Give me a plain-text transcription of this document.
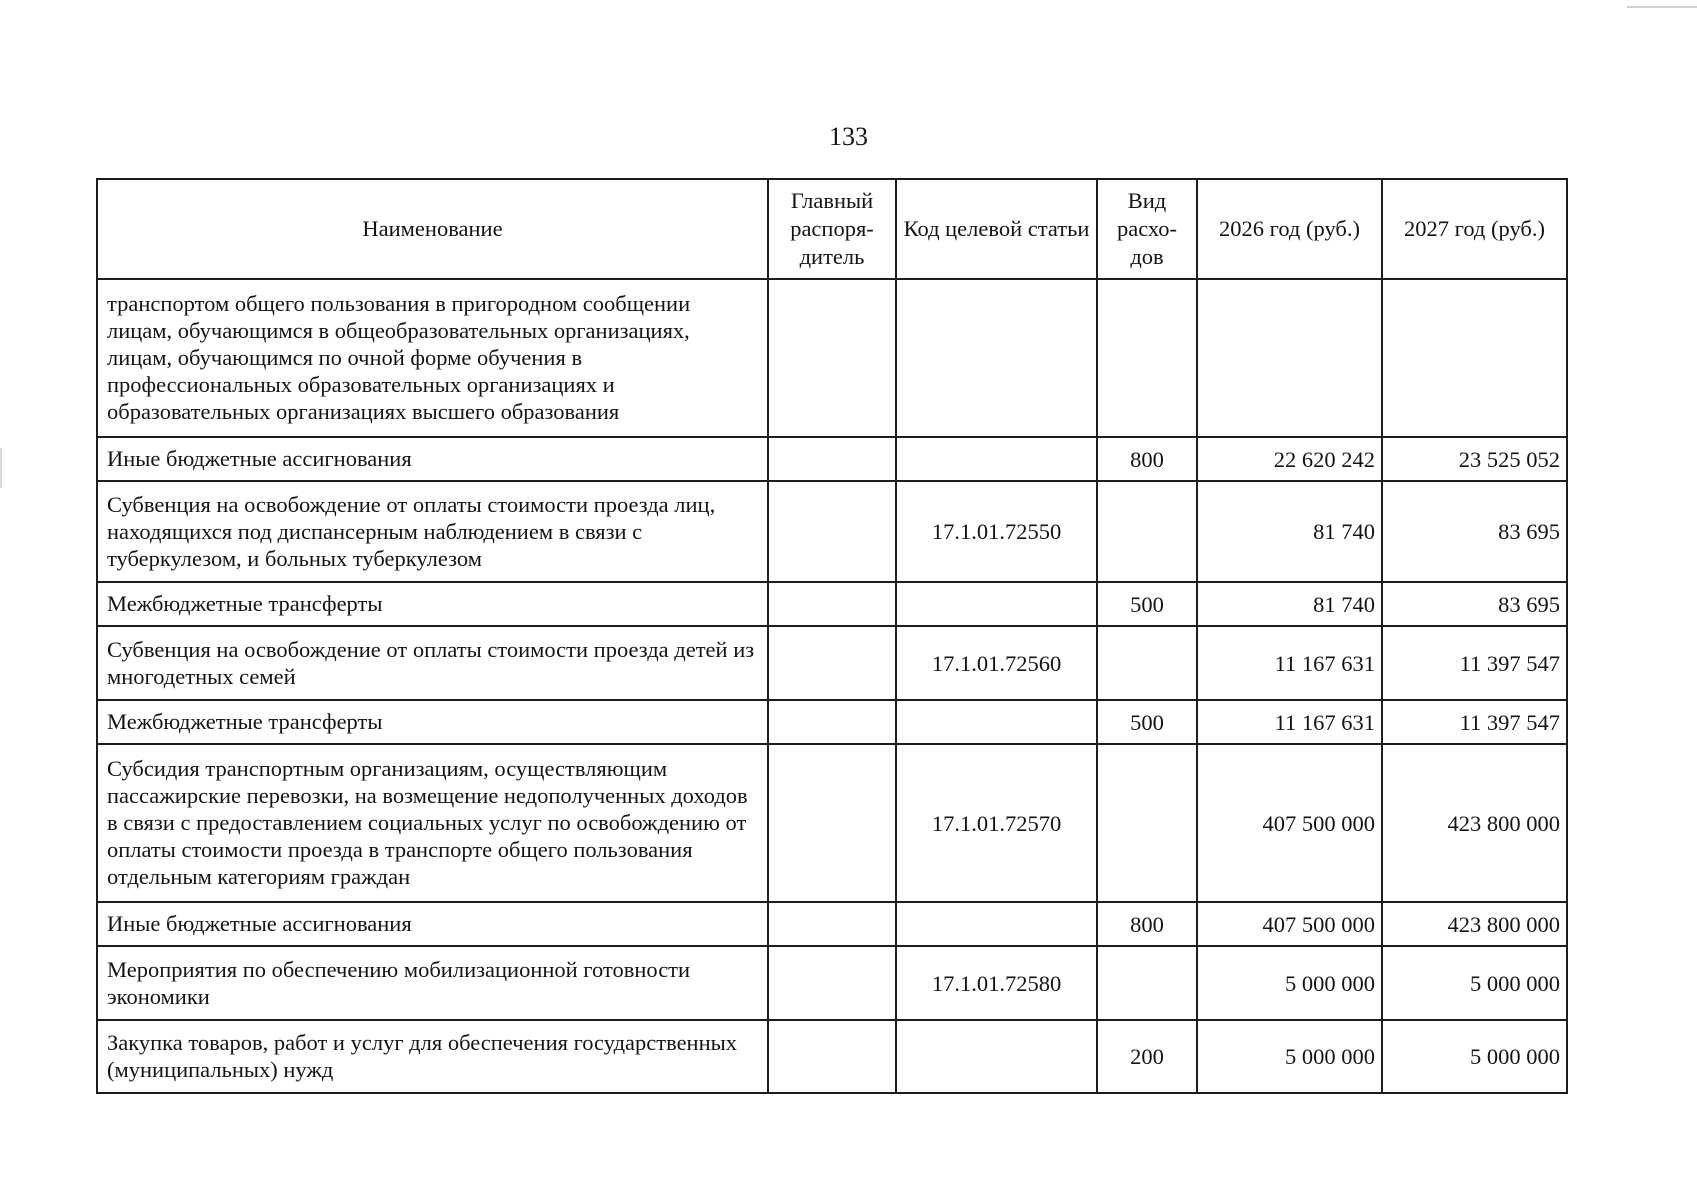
133
Наименование	Главный распоря-дитель	Код целевой статьи	Вид расхо-дов	2026 год (руб.)	2027 год (руб.)
транспортом общего пользования в пригородном сообщении лицам, обучающимся в общеобразовательных организациях, лицам, обучающимся по очной форме обучения в профессиональных образовательных организациях и образовательных организациях высшего образования					
Иные бюджетные ассигнования			800	22 620 242	23 525 052
Субвенция на освобождение от оплаты стоимости проезда лиц, находящихся под диспансерным наблюдением в связи с туберкулезом, и больных туберкулезом		17.1.01.72550		81 740	83 695
Межбюджетные трансферты			500	81 740	83 695
Субвенция на освобождение от оплаты стоимости проезда детей из многодетных семей		17.1.01.72560		11 167 631	11 397 547
Межбюджетные трансферты			500	11 167 631	11 397 547
Субсидия транспортным организациям, осуществляющим пассажирские перевозки, на возмещение недополученных доходов в связи с предоставлением социальных услуг по освобождению от оплаты стоимости проезда в транспорте общего пользования отдельным категориям граждан		17.1.01.72570		407 500 000	423 800 000
Иные бюджетные ассигнования			800	407 500 000	423 800 000
Мероприятия по обеспечению мобилизационной готовности экономики		17.1.01.72580		5 000 000	5 000 000
Закупка товаров, работ и услуг для обеспечения государственных (муниципальных) нужд			200	5 000 000	5 000 000
